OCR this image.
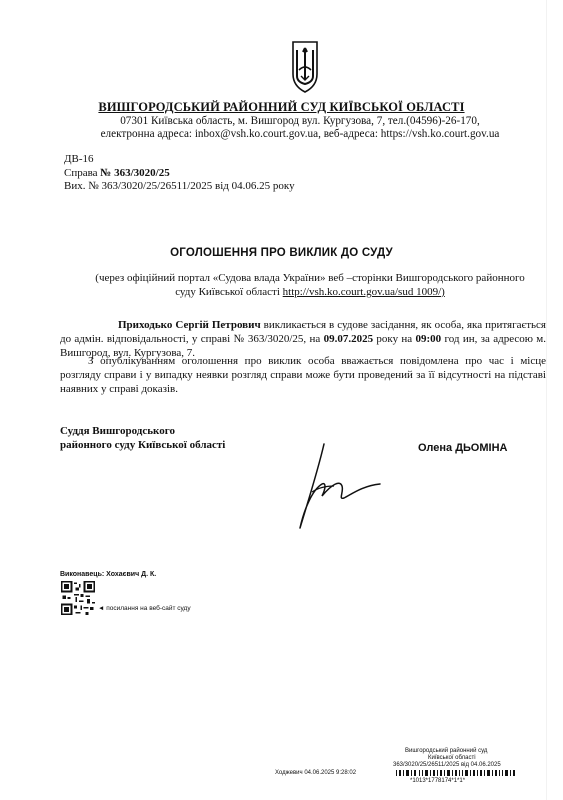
ВИШГОРОДСЬКИЙ РАЙОННИЙ СУД КИЇВСЬКОЇ ОБЛАСТІ
07301 Київська область, м. Вишгород вул. Кургузова, 7, тел.(04596)-26-170,
електронна адреса: inbox@vsh.ko.court.gov.ua, веб-адреса: https://vsh.ko.court.gov.ua
ДВ-16
Справа № 363/3020/25
Вих. № 363/3020/25/26511/2025 від 04.06.25 року
ОГОЛОШЕННЯ ПРО ВИКЛИК ДО СУДУ
(через офіційний портал «Судова влада України» веб –сторінки Вишгородського районного
суду Київської області http://vsh.ko.court.gov.ua/sud 1009/)
Приходько Сергій Петрович викликається в судове засідання, як особа, яка притягається до адмін. відповідальності, у справі № 363/3020/25, на 09.07.2025 року на 09:00 год ин, за адресою м. Вишгород, вул. Кургузова, 7.
З опублікуванням оголошення про виклик особа вважається повідомлена про час і місце розгляду справи і у випадку неявки розгляд справи може бути проведений за її відсутності на підставі наявних у справі доказів.
Суддя Вишгородського
районного суду Київської області	Олена ДЬОМІНА
Виконавець: Хохаєвич Д. К.
◄ посилання на веб-сайт суду
Вишгородський районний суд
Київської області
363/3020/25/26511/2025 від 04.06.2025
Ходжевич 04.06.2025 9:28:02
*1013*1778174*1*1*
